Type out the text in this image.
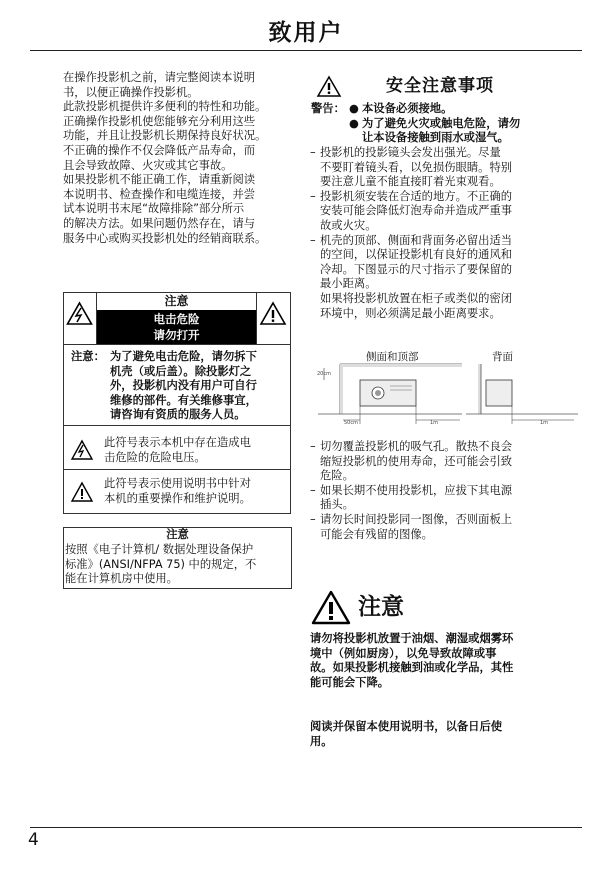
致用户
在操作投影机之前，请完整阅读本说明
书，以便正确操作投影机。
此款投影机提供许多便利的特性和功能。
正确操作投影机使您能够充分利用这些
功能，并且让投影机长期保持良好状况。
不正确的操作不仅会降低产品寿命，而
且会导致故障、火灾或其它事故。
如果投影机不能正确工作，请重新阅读
本说明书、检查操作和电缆连接，并尝
试本说明书末尾“故障排除”部分所示
的解决方法。如果问题仍然存在，请与
服务中心或购买投影机处的经销商联系。
注意
电击危险
请勿打开
注意： 为了避免电击危险，请勿拆下
机壳（或后盖）。除投影灯之
外，投影机内没有用户可自行
维修的部件。有关维修事宜，
请咨询有资质的服务人员。
此符号表示本机中存在造成电
击危险的危险电压。
此符号表示使用说明书中针对
本机的重要操作和维护说明。
注意
按照《电子计算机/ 数据处理设备保护
标准》(ANSI/NFPA 75) 中的规定，不
能在计算机房中使用。
安全注意事项
警告： ● 本设备必须接地。
● 为了避免火灾或触电危险，请勿
让本设备接触到雨水或湿气。
– 投影机的投影镜头会发出强光。尽量
不要盯着镜头看，以免损伤眼睛。特别
要注意儿童不能直接盯着光束观看。
– 投影机须安装在合适的地方。不正确的
安装可能会降低灯泡寿命并造成严重事
故或火灾。
– 机壳的顶部、侧面和背面务必留出适当
的空间，以保证投影机有良好的通风和
冷却。下图显示的尺寸指示了要保留的
最小距离。
如果将投影机放置在柜子或类似的密闭
环境中，则必须满足最小距离要求。
侧面和顶部	背面
20cm
50cm	1m	1m
– 切勿覆盖投影机的吸气孔。散热不良会
缩短投影机的使用寿命，还可能会引致
危险。
– 如果长期不使用投影机，应拔下其电源
插头。
– 请勿长时间投影同一图像，否则面板上
可能会有残留的图像。
注意
请勿将投影机放置于油烟、潮湿或烟雾环
境中（例如厨房），以免导致故障或事
故。如果投影机接触到油或化学品，其性
能可能会下降。
阅读并保留本使用说明书，以备日后使
用。
4
